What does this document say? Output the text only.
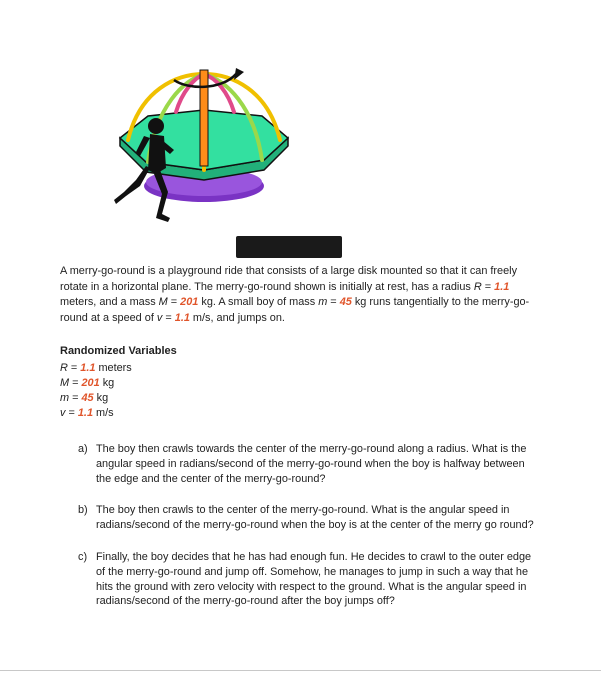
A merry-go-round is a playground ride that consists of a large disk mounted so that it can freely rotate in a horizontal plane. The merry-go-round shown is initially at rest, has a radius R = 1.1 meters, and a mass M = 201 kg. A small boy of mass m = 45 kg runs tangentially to the merry-go-round at a speed of v = 1.1 m/s, and jumps on.

Randomized Variables
R = 1.1 meters
M = 201 kg
m = 45 kg
v = 1.1 m/s
a) The boy then crawls towards the center of the merry-go-round along a radius. What is the angular speed in radians/second of the merry-go-round when the boy is halfway between the edge and the center of the merry-go-round?
b) The boy then crawls to the center of the merry-go-round. What is the angular speed in radians/second of the merry-go-round when the boy is at the center of the merry go round?
c) Finally, the boy decides that he has had enough fun. He decides to crawl to the outer edge of the merry-go-round and jump off. Somehow, he manages to jump in such a way that he hits the ground with zero velocity with respect to the ground. What is the angular speed in radians/second of the merry-go-round after the boy jumps off?
